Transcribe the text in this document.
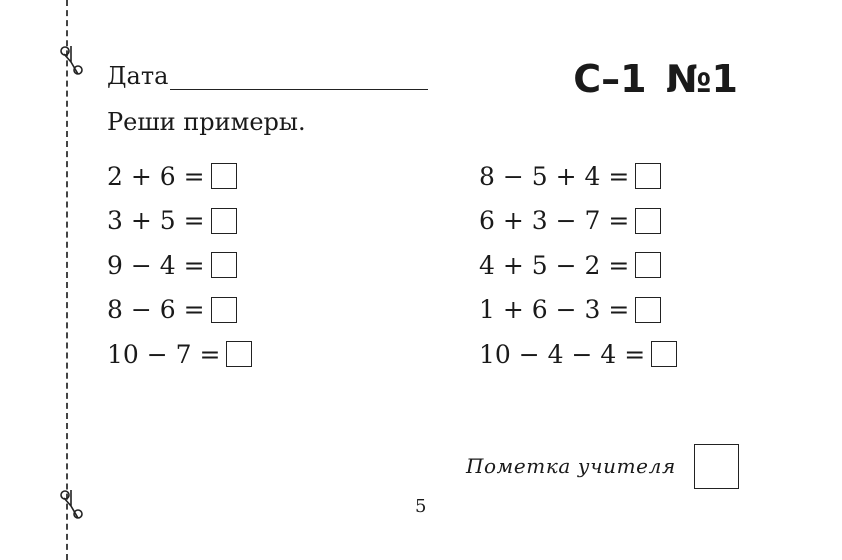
Дата	С–1 №1
Реши примеры.
2 + 6 =
3 + 5 =
9 − 4 =
8 − 6 =
10 − 7 =
8 − 5 + 4 =
6 + 3 − 7 =
4 + 5 − 2 =
1 + 6 − 3 =
10 − 4 − 4 =
Пометка учителя
5
